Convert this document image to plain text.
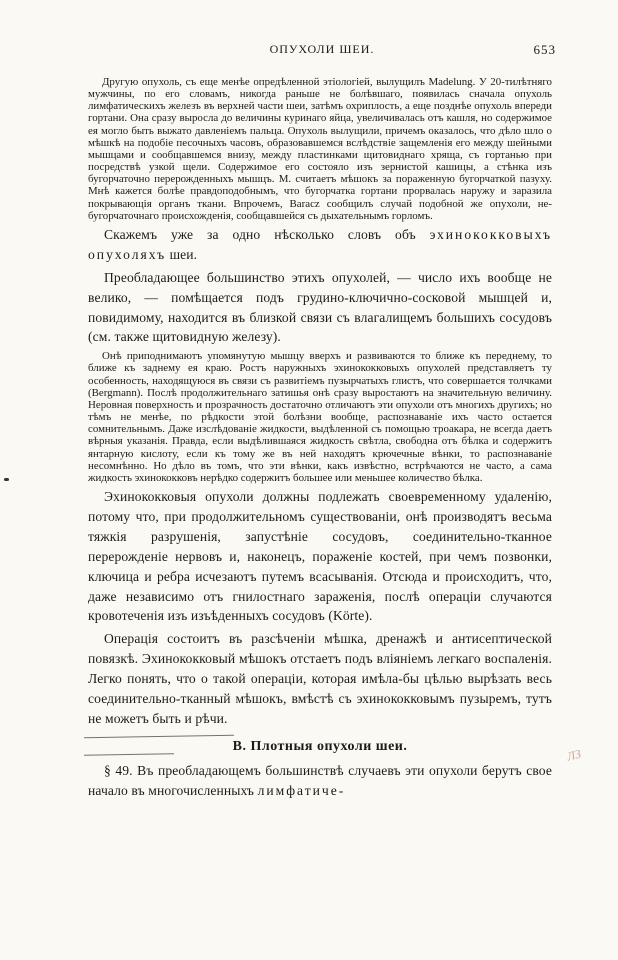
ОПУХОЛИ ШЕИ.	653

Другую опухоль, съ еще менѣе опредѣленной этіологіей, вылущилъ Madelung. У 20-тилѣтняго мужчины, по его словамъ, никогда раньше не болѣвшаго, появилась сначала опухоль лимфатическихъ железъ въ верхней части шеи, затѣмъ охриплость, а еще позднѣе опухоль впереди гортани. Она сразу выросла до величины куринаго яйца, увеличивалась отъ кашля, но содержимое ея могло быть выжато давленіемъ пальца. Опухоль вылущили, причемъ оказалось, что дѣло шло о мѣшкѣ на подобіе песочныхъ часовъ, образовавшемся вслѣдствіе защемленія его между шейными мышцами и сообщавшемся внизу, между пластинками щитовиднаго хряща, съ гортанью при посредствѣ узкой щели. Содержимое его состояло изъ зернистой кашицы, а стѣнка изъ бугорчаточно перерожденныхъ мышцъ. M. считаетъ мѣшокъ за пораженную бугорчаткой пазуху. Мнѣ кажется болѣе правдоподобнымъ, что бугорчатка гортани прорвалась наружу и заразила покрывающія органъ ткани. Впрочемъ, Baracz сообщилъ случай подобной же опухоли, не-бугорчаточнаго происхожденія, сообщавшейся съ дыхательнымъ горломъ.

Скажемъ уже за одно нѣсколько словъ объ эхинококковыхъ опухоляхъ шеи.

Преобладающее большинство этихъ опухолей, — число ихъ вообще не велико, — помѣщается подъ грудино-ключично-сосковой мышцей и, повидимому, находится въ близкой связи съ влагалищемъ большихъ сосудовъ (см. также щитовидную железу).

Онѣ приподнимаютъ упомянутую мышцу вверхъ и развиваются то ближе къ переднему, то ближе къ заднему ея краю. Ростъ наружныхъ эхинококковыхъ опухолей представляетъ ту особенность, находящуюся въ связи съ развитіемъ пузырчатыхъ глистъ, что совершается толчками (Bergmann). Послѣ продолжительнаго затишья онѣ сразу выростаютъ на значительную величину. Неровная поверхность и прозрачность достаточно отличаютъ эти опухоли отъ многихъ другихъ; но тѣмъ не менѣе, по рѣдкости этой болѣзни вообще, распознаваніе ихъ часто остается сомнительнымъ. Даже изслѣдованіе жидкости, выдѣленной съ помощью троакара, не всегда даетъ вѣрныя указанія. Правда, если выдѣлившаяся жидкость свѣтла, свободна отъ бѣлка и содержитъ янтарную кислоту, если къ тому же въ ней находятъ крючечные вѣнки, то распознаваніе несомнѣнно. Но дѣло въ томъ, что эти вѣнки, какъ извѣстно, встрѣчаются не часто, а сама жидкость эхинококковъ нерѣдко содержитъ большее или меньшее количество бѣлка.

Эхинококковыя опухоли должны подлежать своевременному удаленію, потому что, при продолжительномъ существованіи, онѣ производятъ весьма тяжкія разрушенія, запустѣніе сосудовъ, соединительно-тканное перерожденіе нервовъ и, наконецъ, пораженіе костей, при чемъ позвонки, ключица и ребра исчезаютъ путемъ всасыванія. Отсюда и происходитъ, что, даже независимо отъ гнилостнаго зараженія, послѣ операціи случаются кровотеченія изъ изъѣденныхъ сосудовъ (Körte).

Операція состоитъ въ разсѣченіи мѣшка, дренажѣ и антисептической повязкѣ. Эхинококковый мѣшокъ отстаетъ подъ вліяніемъ легкаго воспаленія. Легко понять, что о такой операціи, которая имѣла-бы цѣлью вырѣзать весь соединительно-тканный мѣшокъ, вмѣстѣ съ эхинококковымъ пузыремъ, тутъ не можетъ быть и рѣчи.

B. Плотныя опухоли шеи.

§ 49. Въ преобладающемъ большинствѣ случаевъ эти опухоли берутъ свое начало въ многочисленныхъ лимфатиче-

ЛЗ
